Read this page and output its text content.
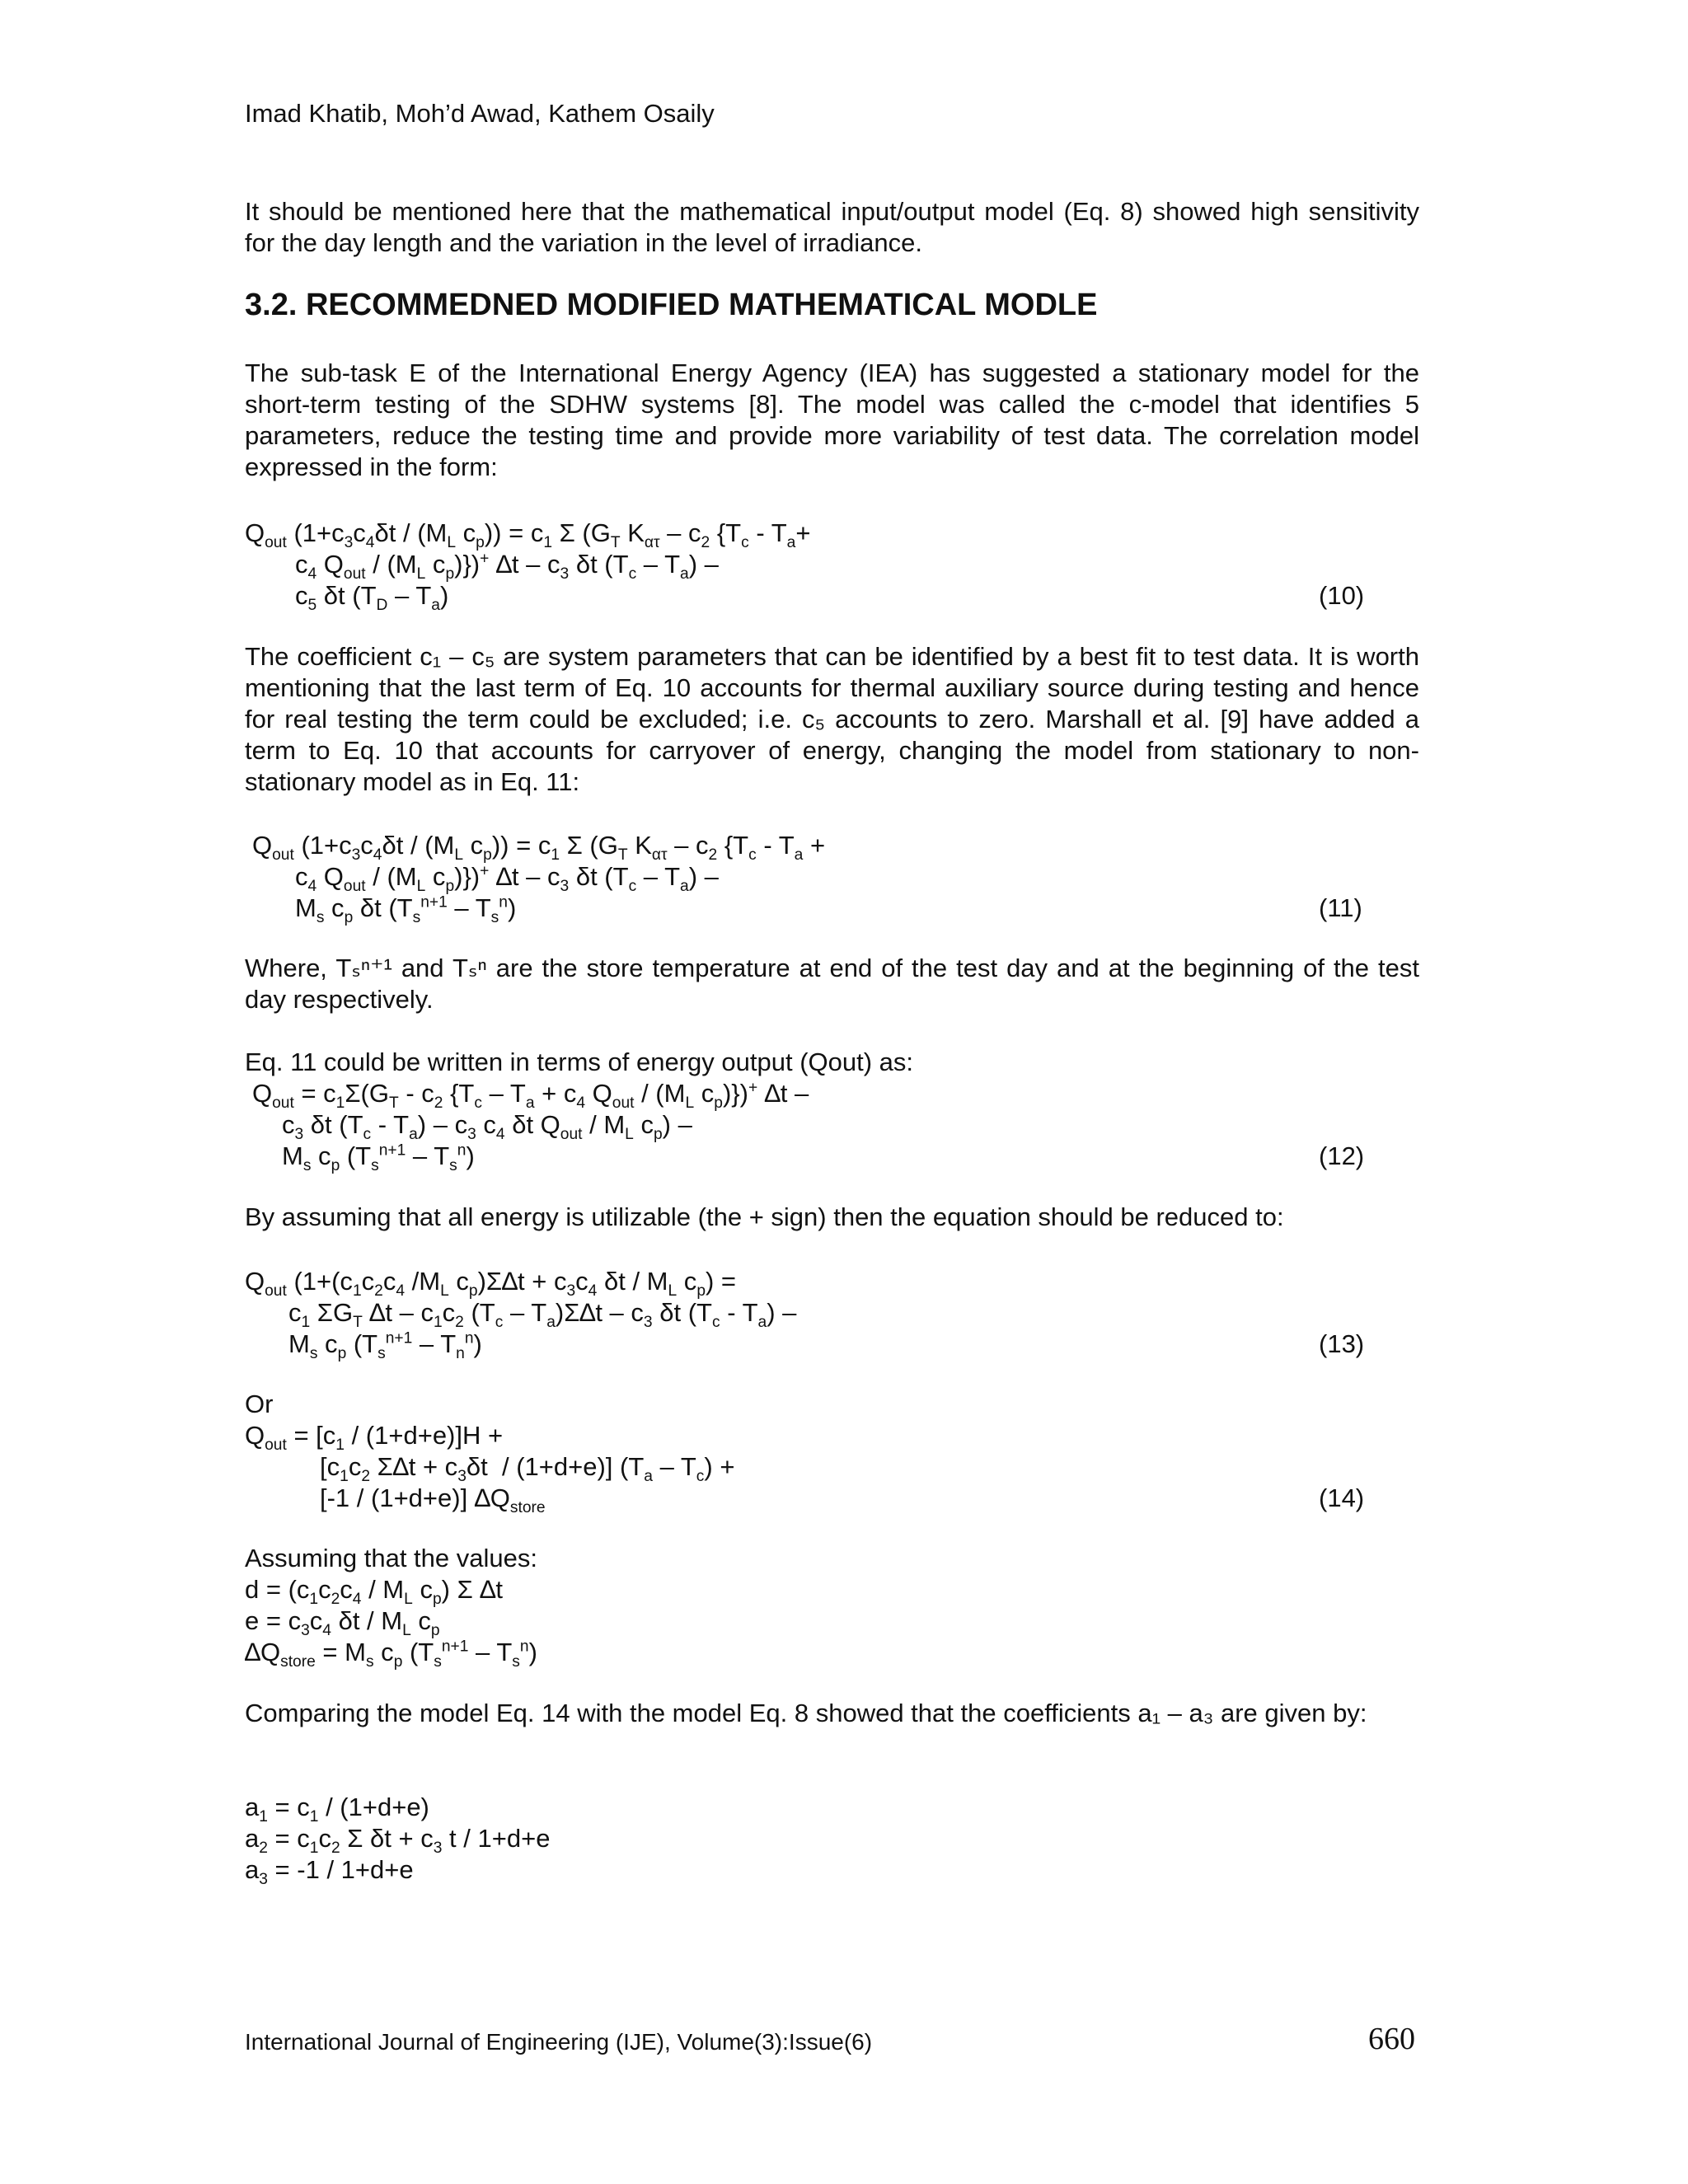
Imad Khatib, Moh’d Awad, Kathem Osaily
It should be mentioned here that the mathematical input/output model (Eq. 8) showed high sensitivity for the day length and the variation in the level of irradiance.
3.2. RECOMMEDNED MODIFIED MATHEMATICAL MODLE
The sub-task E of the International Energy Agency (IEA) has suggested a stationary model for the short-term testing of the SDHW systems [8]. The model was called the c-model that identifies 5 parameters, reduce the testing time and provide more variability of test data. The correlation model expressed in the form:
$Q_{out}$ ($1+c_3c_4\delta t / (M_L$ $c_p)) = c_1$ Σ ($G_T$ $K_{\alpha\tau} - c_2$ {$T_c - T_a+$
$c_4$ $Q_{out} / (M_L$ $c_p)\})^+$ $\Delta t - c_3$ δt $(T_c - T_a)$ –
$c_5$ δt $(T_D - T_a)$	(10)
The coefficient c₁ – c₅ are system parameters that can be identified by a best fit to test data. It is worth mentioning that the last term of Eq. 10 accounts for thermal auxiliary source during testing and hence for real testing the term could be excluded; i.e. c₅ accounts to zero. Marshall et al. [9] have added a term to Eq. 10 that accounts for carryover of energy, changing the model from stationary to non-stationary model as in Eq. 11:
$Q_{out}$ ($1+c_3c_4\delta t / (M_L$ $c_p)) = c_1$ Σ ($G_T$ $K_{\alpha\tau} - c_2$ {$T_c - T_a$ +
$c_4$ $Q_{out} / (M_L$ $c_p)\})^+$ $\Delta t - c_3$ δt $(T_c - T_a)$ –
$M_s$ $c_p$ δt $(T_s^{n+1} - T_s^n)$	(11)
Where, Tₛⁿ⁺¹ and Tₛⁿ are the store temperature at end of the test day and at the beginning of the test day respectively.
Eq. 11 could be written in terms of energy output (Qout) as:
$Q_{out} = c_1\Sigma(G_T - c_2$ {$T_c - T_a + c_4$ $Q_{out} / (M_L$ $c_p)\})^+$ ∆t –
$c_3$ δt $(T_c - T_a) - c_3$ $c_4$ δt $Q_{out} / M_L$ $c_p$) –
$M_s$ $c_p$ $(T_s^{n+1} - T_s^n)$	(12)
By assuming that all energy is utilizable (the + sign) then the equation should be reduced to:
$Q_{out}$ ($1+(c_1c_2c_4$ $/M_L$ $c_p)\Sigma\Delta t + c_3c_4$ δt / $M_L$ $c_p$) =
$c_1$ $\Sigma G_T$ $\Delta t - c_1c_2$ $(T_c - T_a)\Sigma\Delta t - c_3$ δt $(T_c - T_a)$ –
$M_s$ $c_p$ $(T_s^{n+1} - T_n^n)$	(13)
Or
$Q_{out} = [c_1 / (1+d+e)]H$ +
[$c_1c_2$ $\Sigma\Delta t + c_3\delta t / (1+d+e)$] $(T_a - T_c)$ +
[-1 / (1+d+e)] $\Delta Q_{store}$	(14)
Assuming that the values:
$d = (c_1c_2c_4 / M_L$ $c_p$) Σ ∆t
$e = c_3c_4$ δt / $M_L$ $c_p$
$\Delta Q_{store} = M_s$ $c_p$ $(T_s^{n+1} - T_s^n)$
Comparing the model Eq. 14 with the model Eq. 8 showed that the coefficients a₁ – a₃ are given by:
$a_1 = c_1 / (1+d+e)$
$a_2 = c_1c_2$ Σ $\delta t + c_3$ t / 1+d+e
$a_3 = -1 / 1+d+e$
International Journal of Engineering (IJE), Volume(3):Issue(6)	660
